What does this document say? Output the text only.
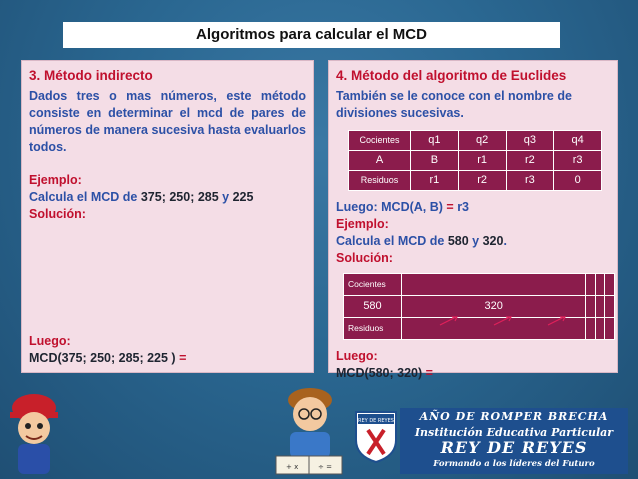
Algoritmos para calcular el MCD
3. Método indirecto
Dados tres o mas números, este método consiste en determinar el mcd de pares de números de manera sucesiva hasta evaluarlos todos.
Ejemplo:
Calcula el MCD de 375; 250; 285 y 225
Solución:
Luego:
MCD(375; 250; 285; 225 ) =
4. Método del algoritmo de Euclides
También se le conoce con el nombre de divisiones sucesivas.
Cocientes	q1	q2	q3	q4
A	B	r1	r2	r3
Residuos	r1	r2	r3	0
Luego: MCD(A, B) = r3
Ejemplo:
Calcula el MCD de 580 y 320.
Solución:
Cocientes				
580	320			
Residuos				
Luego:
MCD(580; 320) =
+ x	÷ =
REY DE REYES	AÑO DE ROMPER BRECHA
Institución Educativa Particular
REY DE REYES
Formando a los líderes del Futuro
